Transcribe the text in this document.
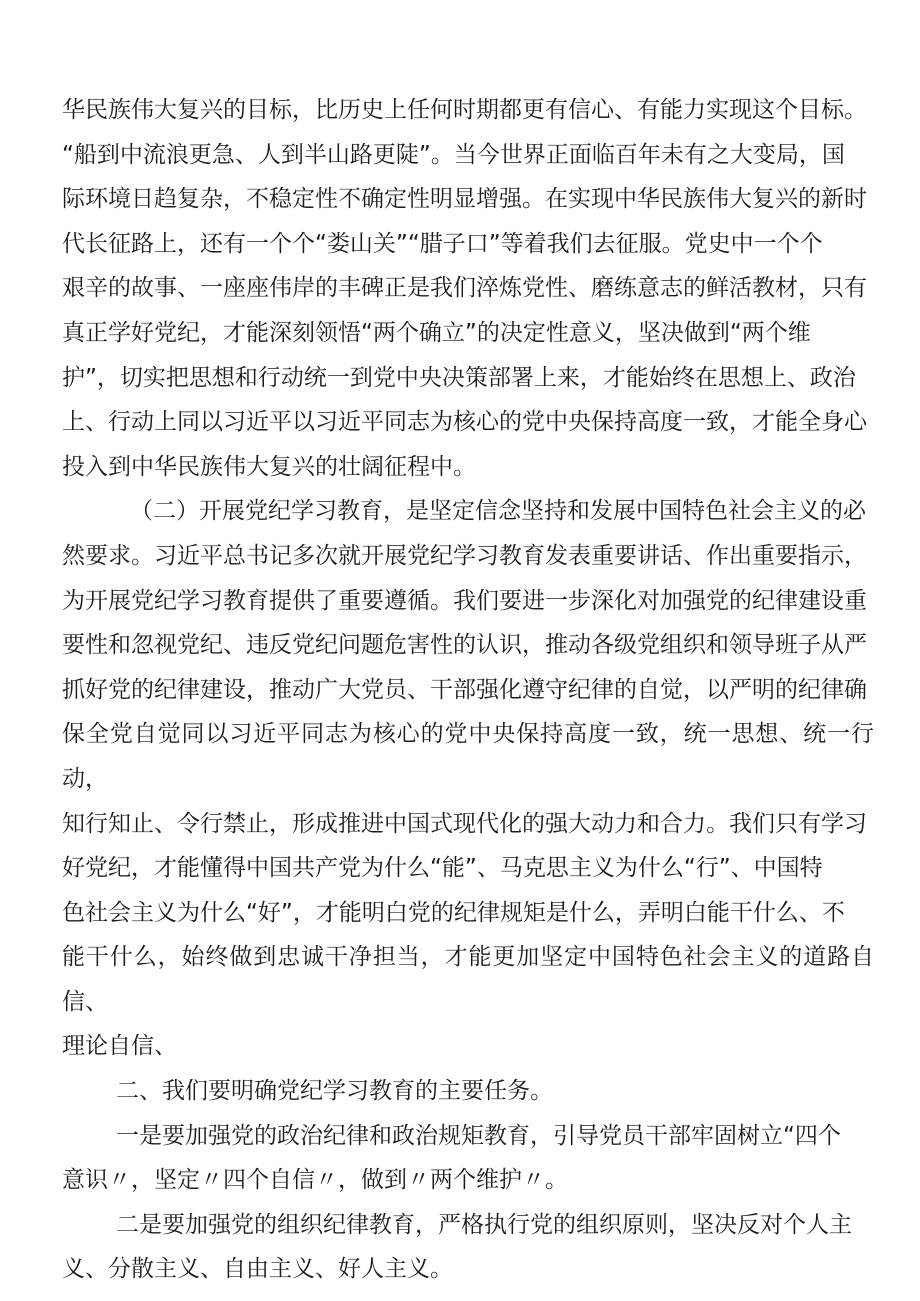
华民族伟大复兴的目标，比历史上任何时期都更有信心、有能力实现这个目标。
“船到中流浪更急、人到半山路更陡”。当今世界正面临百年未有之大变局，国
际环境日趋复杂，不稳定性不确定性明显增强。在实现中华民族伟大复兴的新时
代长征路上，还有一个个“娄山关”“腊子口”等着我们去征服。党史中一个个
艰辛的故事、一座座伟岸的丰碑正是我们淬炼党性、磨练意志的鲜活教材，只有
真正学好党纪，才能深刻领悟“两个确立”的决定性意义，坚决做到“两个维
护”，切实把思想和行动统一到党中央决策部署上来，才能始终在思想上、政治
上、行动上同以习近平以习近平同志为核心的党中央保持高度一致，才能全身心
投入到中华民族伟大复兴的壮阔征程中。

（二）开展党纪学习教育，是坚定信念坚持和发展中国特色社会主义的必
然要求。习近平总书记多次就开展党纪学习教育发表重要讲话、作出重要指示，
为开展党纪学习教育提供了重要遵循。我们要进一步深化对加强党的纪律建设重
要性和忽视党纪、违反党纪问题危害性的认识，推动各级党组织和领导班子从严
抓好党的纪律建设，推动广大党员、干部强化遵守纪律的自觉，以严明的纪律确
保全党自觉同以习近平同志为核心的党中央保持高度一致，统一思想、统一行动，
知行知止、令行禁止，形成推进中国式现代化的强大动力和合力。我们只有学习
好党纪，才能懂得中国共产党为什么“能”、马克思主义为什么“行”、中国特
色社会主义为什么“好”，才能明白党的纪律规矩是什么，弄明白能干什么、不
能干什么，始终做到忠诚干净担当，才能更加坚定中国特色社会主义的道路自信、
理论自信、

二、我们要明确党纪学习教育的主要任务。

一是要加强党的政治纪律和政治规矩教育，引导党员干部牢固树立“四个
意识〃，坚定〃四个自信〃，做到〃两个维护〃。

二是要加强党的组织纪律教育，严格执行党的组织原则，坚决反对个人主
义、分散主义、自由主义、好人主义。
